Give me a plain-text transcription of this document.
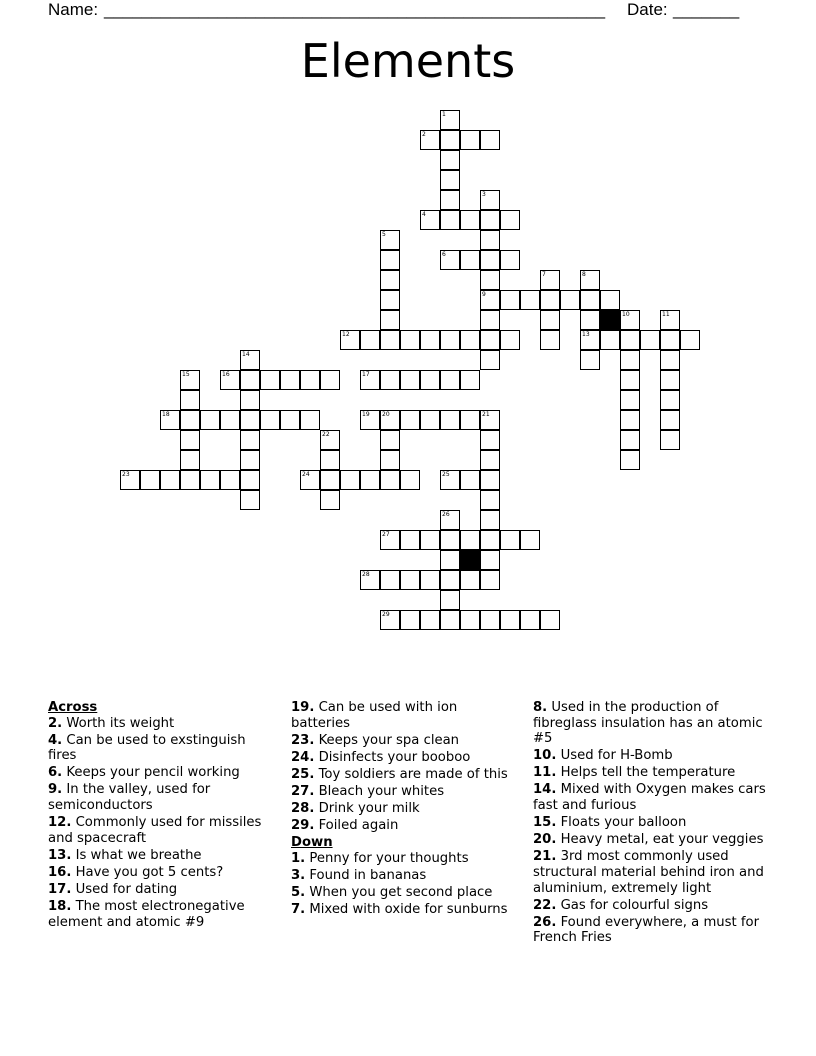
Name: _____________________________________________________ Date: _______
Elements
1
2
3
4
5
6
7	8
9
10	11
12	13
14
15	16	17
18	19 20	21
22
23	24	25
26
27
28
29
Across
2. Worth its weight
4. Can be used to exstinguish fires
6. Keeps your pencil working
9. In the valley, used for semiconductors
12. Commonly used for missiles and spacecraft
13. Is what we breathe
16. Have you got 5 cents?
17. Used for dating
18. The most electronegative element and atomic #9
19. Can be used with ion batteries
23. Keeps your spa clean
24. Disinfects your booboo
25. Toy soldiers are made of this
27. Bleach your whites
28. Drink your milk
29. Foiled again
Down
1. Penny for your thoughts
3. Found in bananas
5. When you get second place
7. Mixed with oxide for sunburns
8. Used in the production of fibreglass insulation has an atomic #5
10. Used for H-Bomb
11. Helps tell the temperature
14. Mixed with Oxygen makes cars fast and furious
15. Floats your balloon
20. Heavy metal, eat your veggies
21. 3rd most commonly used structural material behind iron and aluminium, extremely light
22. Gas for colourful signs
26. Found everywhere, a must for French Fries
